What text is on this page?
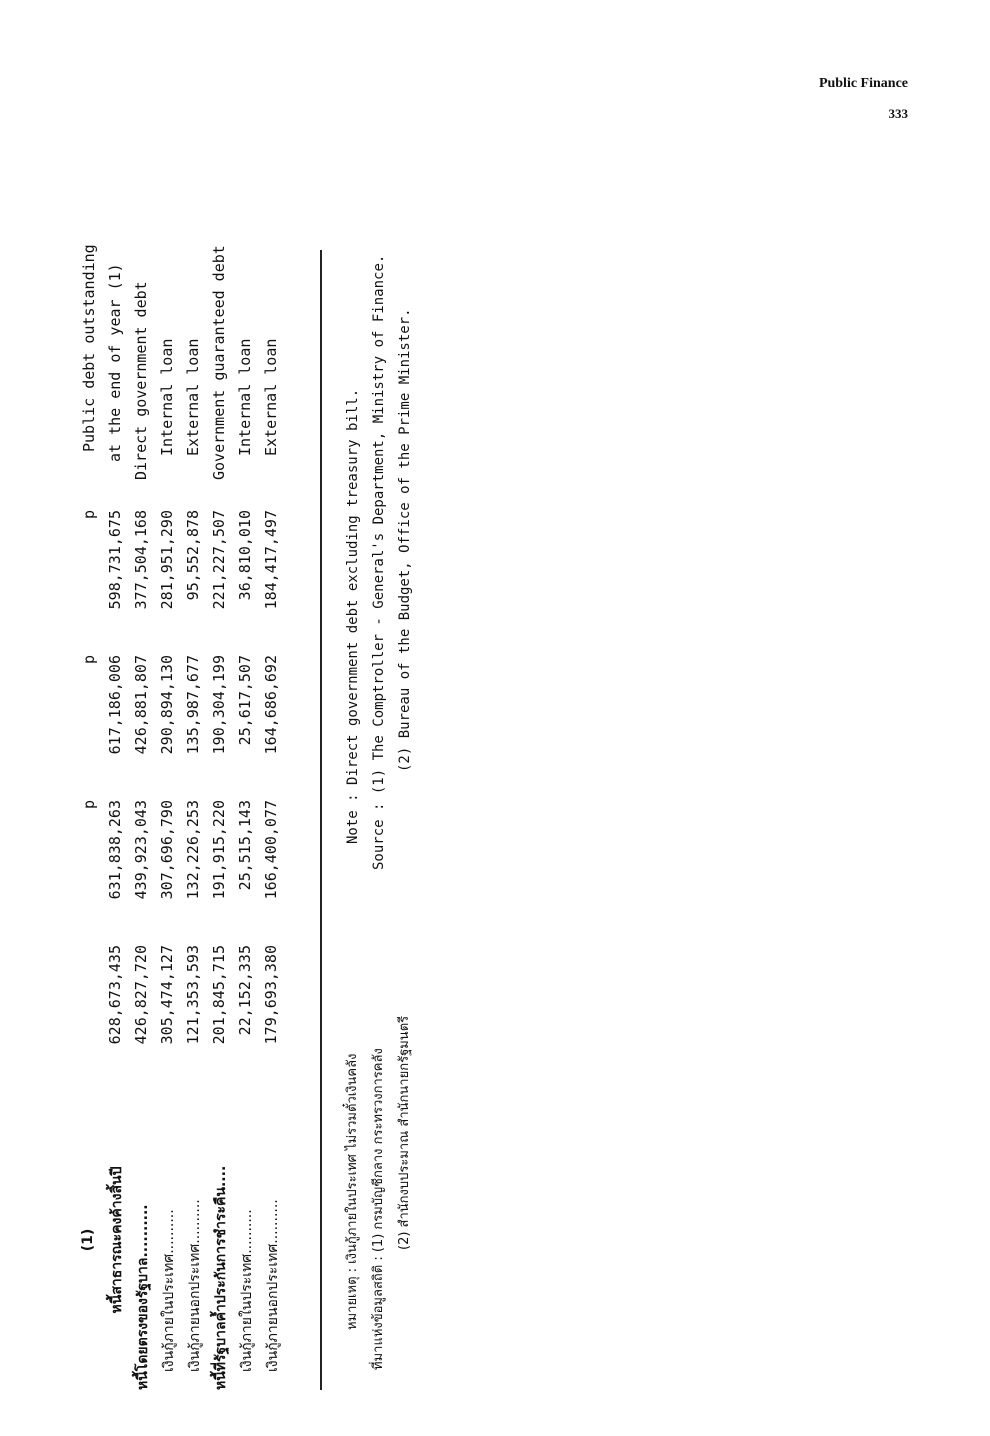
Public Finance
333
(1)
p
p
p
Public debt outstanding
หนี้สาธารณะคงค้างสิ้นปี
628,673,435
631,838,263
617,186,006
598,731,675
at the end of year (1)
หนี้โดยตรงของรัฐบาล..........
426,827,720
439,923,043
426,881,807
377,504,168
Direct government debt
เงินกู้ภายในประเทศ..........
305,474,127
307,696,790
290,894,130
281,951,290
Internal loan
เงินกู้ภายนอกประเทศ..........
121,353,593
132,226,253
135,987,677
95,552,878
External loan
หนี้ที่รัฐบาลค้ำประกันการชำระคืน....
201,845,715
191,915,220
190,304,199
221,227,507
Government guaranteed debt
เงินกู้ภายในประเทศ..........
22,152,335
25,515,143
25,617,507
36,810,010
Internal loan
เงินกู้ภายนอกประเทศ..........
179,693,380
166,400,077
164,686,692
184,417,497
External loan
หมายเหตุ : เงินกู้ภายในประเทศ ไม่รวมตั๋วเงินคลัง ที่มาแห่งข้อมูลสถิติ : (1) กรมบัญชีกลาง กระทรวงการคลัง (2) สำนักงบประมาณ สำนักนายกรัฐมนตรี
Note : Direct government debt excluding treasury bill. Source : (1) The Comptroller - General's Department, Ministry of Finance. (2) Bureau of the Budget, Office of the Prime Minister.
